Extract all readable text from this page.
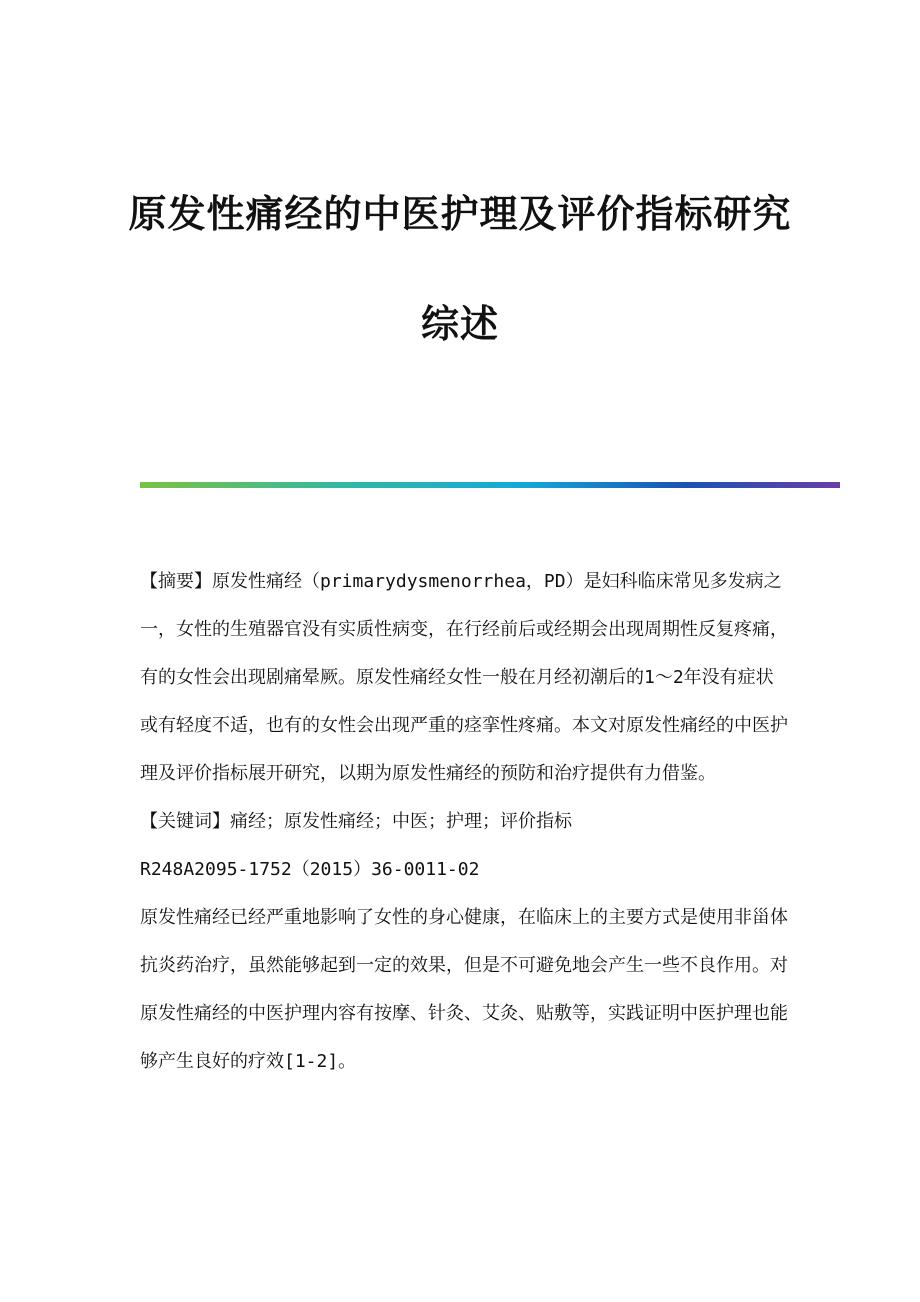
原发性痛经的中医护理及评价指标研究
综述

【摘要】原发性痛经（primarydysmenorrhea，PD）是妇科临床常见多发病之一，女性的生殖器官没有实质性病变，在行经前后或经期会出现周期性反复疼痛，有的女性会出现剧痛晕厥。原发性痛经女性一般在月经初潮后的1～2年没有症状或有轻度不适，也有的女性会出现严重的痉挛性疼痛。本文对原发性痛经的中医护理及评价指标展开研究，以期为原发性痛经的预防和治疗提供有力借鉴。

【关键词】痛经；原发性痛经；中医；护理；评价指标

R248A2095-1752（2015）36-0011-02

原发性痛经已经严重地影响了女性的身心健康，在临床上的主要方式是使用非甾体抗炎药治疗，虽然能够起到一定的效果，但是不可避免地会产生一些不良作用。对原发性痛经的中医护理内容有按摩、针灸、艾灸、贴敷等，实践证明中医护理也能够产生良好的疗效[1-2]。
